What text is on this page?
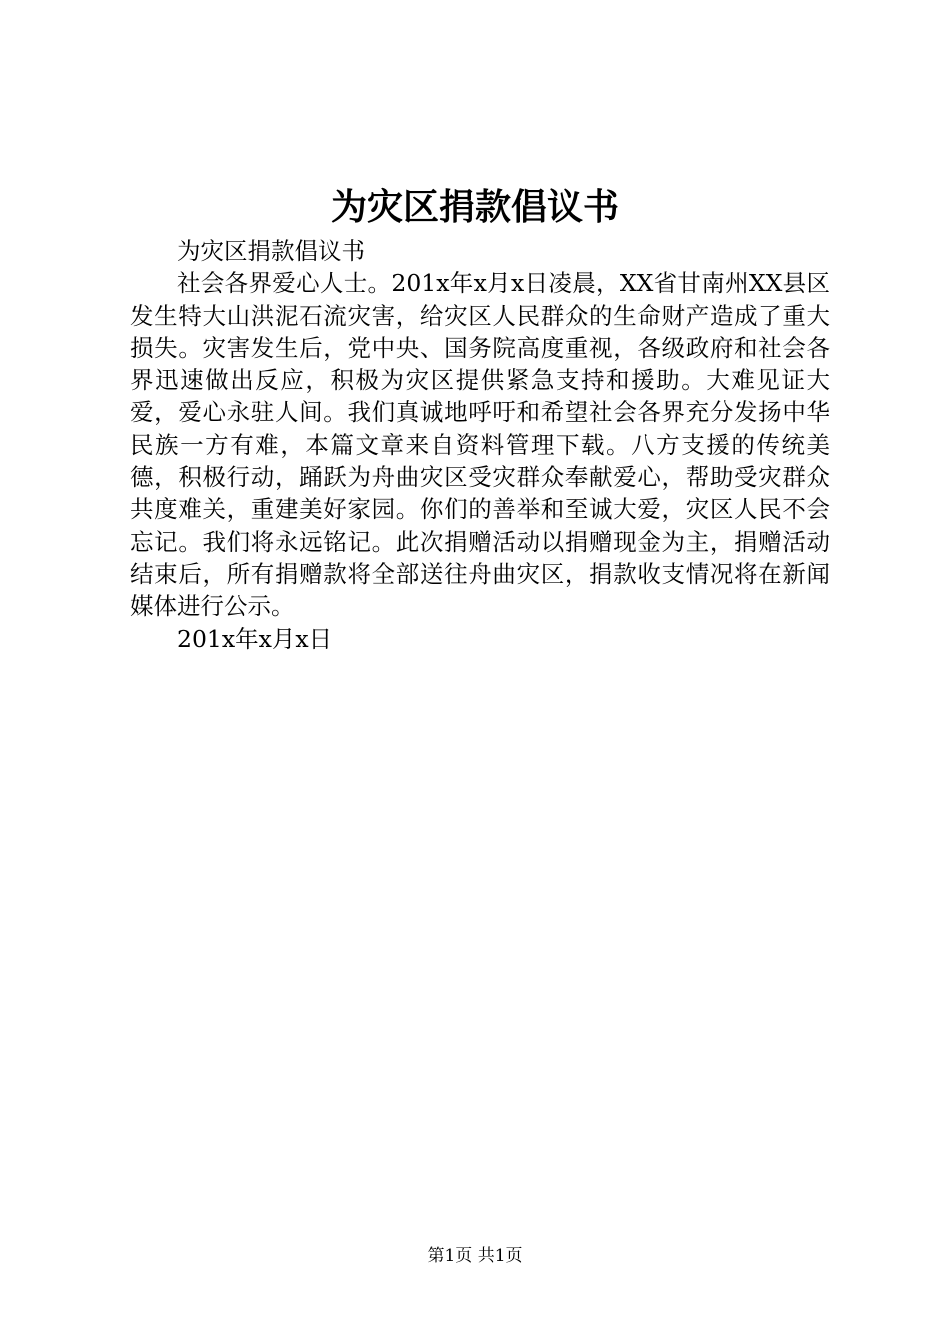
为灾区捐款倡议书

为灾区捐款倡议书

社会各界爱心人士。201x年x月x日凌晨，XX省甘南州XX县区发生特大山洪泥石流灾害，给灾区人民群众的生命财产造成了重大损失。灾害发生后，党中央、国务院高度重视，各级政府和社会各界迅速做出反应，积极为灾区提供紧急支持和援助。大难见证大爱，爱心永驻人间。我们真诚地呼吁和希望社会各界充分发扬中华民族一方有难，本篇文章来自资料管理下载。八方支援的传统美德，积极行动，踊跃为舟曲灾区受灾群众奉献爱心，帮助受灾群众共度难关，重建美好家园。你们的善举和至诚大爱，灾区人民不会忘记。我们将永远铭记。此次捐赠活动以捐赠现金为主，捐赠活动结束后，所有捐赠款将全部送往舟曲灾区，捐款收支情况将在新闻媒体进行公示。

201x年x月x日

第1页 共1页
